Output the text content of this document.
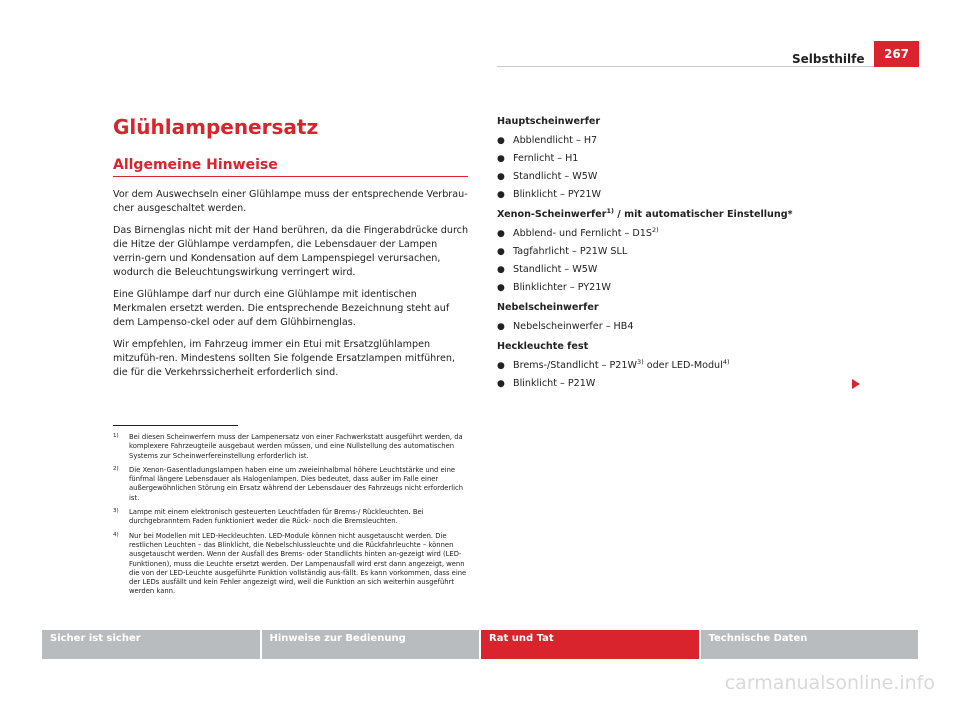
Selbsthilfe	267
Glühlampenersatz
Allgemeine Hinweise

Vor dem Auswechseln einer Glühlampe muss der entsprechende Verbrau-cher ausgeschaltet werden.

Das Birnenglas nicht mit der Hand berühren, da die Fingerabdrücke durch die Hitze der Glühlampe verdampfen, die Lebensdauer der Lampen verrin-gern und Kondensation auf dem Lampenspiegel verursachen, wodurch die Beleuchtungswirkung verringert wird.

Eine Glühlampe darf nur durch eine Glühlampe mit identischen Merkmalen ersetzt werden. Die entsprechende Bezeichnung steht auf dem Lampenso-ckel oder auf dem Glühbirnenglas.

Wir empfehlen, im Fahrzeug immer ein Etui mit Ersatzglühlampen mitzufüh-ren. Mindestens sollten Sie folgende Ersatzlampen mitführen, die für die Verkehrssicherheit erforderlich sind.

Hauptscheinwerfer
● Abblendlicht – H7
● Fernlicht – H1
● Standlicht – W5W
● Blinklicht – PY21W
Xenon-Scheinwerfer$^{1)}$ / mit automatischer Einstellung*
● Abblend- und Fernlicht – $D1S^{2)}$
● Tagfahrlicht – P21W SLL
● Standlicht – W5W
● Blinklichter – PY21W
Nebelscheinwerfer
● Nebelscheinwerfer – HB4
Heckleuchte fest
● Brems-/Standlicht – $P21W^{3)}$ oder LED-Modul$^{4)}$
● Blinklicht – P21W
1) Bei diesen Scheinwerfern muss der Lampenersatz von einer Fachwerkstatt ausgeführt werden, da komplexere Fahrzeugteile ausgebaut werden müssen, und eine Nullstellung des automatischen Systems zur Scheinwerfereinstellung erforderlich ist.
2) Die Xenon-Gasentladungslampen haben eine um zweieinhalbmal höhere Leuchtstärke und eine fünfmal längere Lebensdauer als Halogenlampen. Dies bedeutet, dass außer im Falle einer außergewöhnlichen Störung ein Ersatz während der Lebensdauer des Fahrzeugs nicht erforderlich ist.
3) Lampe mit einem elektronisch gesteuerten Leuchtfaden für Brems-/ Rückleuchten. Bei durchgebranntem Faden funktioniert weder die Rück- noch die Bremsleuchten.
4) Nur bei Modellen mit LED-Heckleuchten. LED-Module können nicht ausgetauscht werden. Die restlichen Leuchten – das Blinklicht, die Nebelschlussleuchte und die Rückfahrleuchte – können ausgetauscht werden. Wenn der Ausfall des Brems- oder Standlichts hinten an-gezeigt wird (LED-Funktionen), muss die Leuchte ersetzt werden. Der Lampenausfall wird erst dann angezeigt, wenn die von der LED-Leuchte ausgeführte Funktion vollständig aus-fällt. Es kann vorkommen, dass eine der LEDs ausfällt und kein Fehler angezeigt wird, weil die Funktion an sich weiterhin ausgeführt werden kann.
Sicher ist sicher	Hinweise zur Bedienung	Rat und Tat	Technische Daten
carmanualsonline.info
